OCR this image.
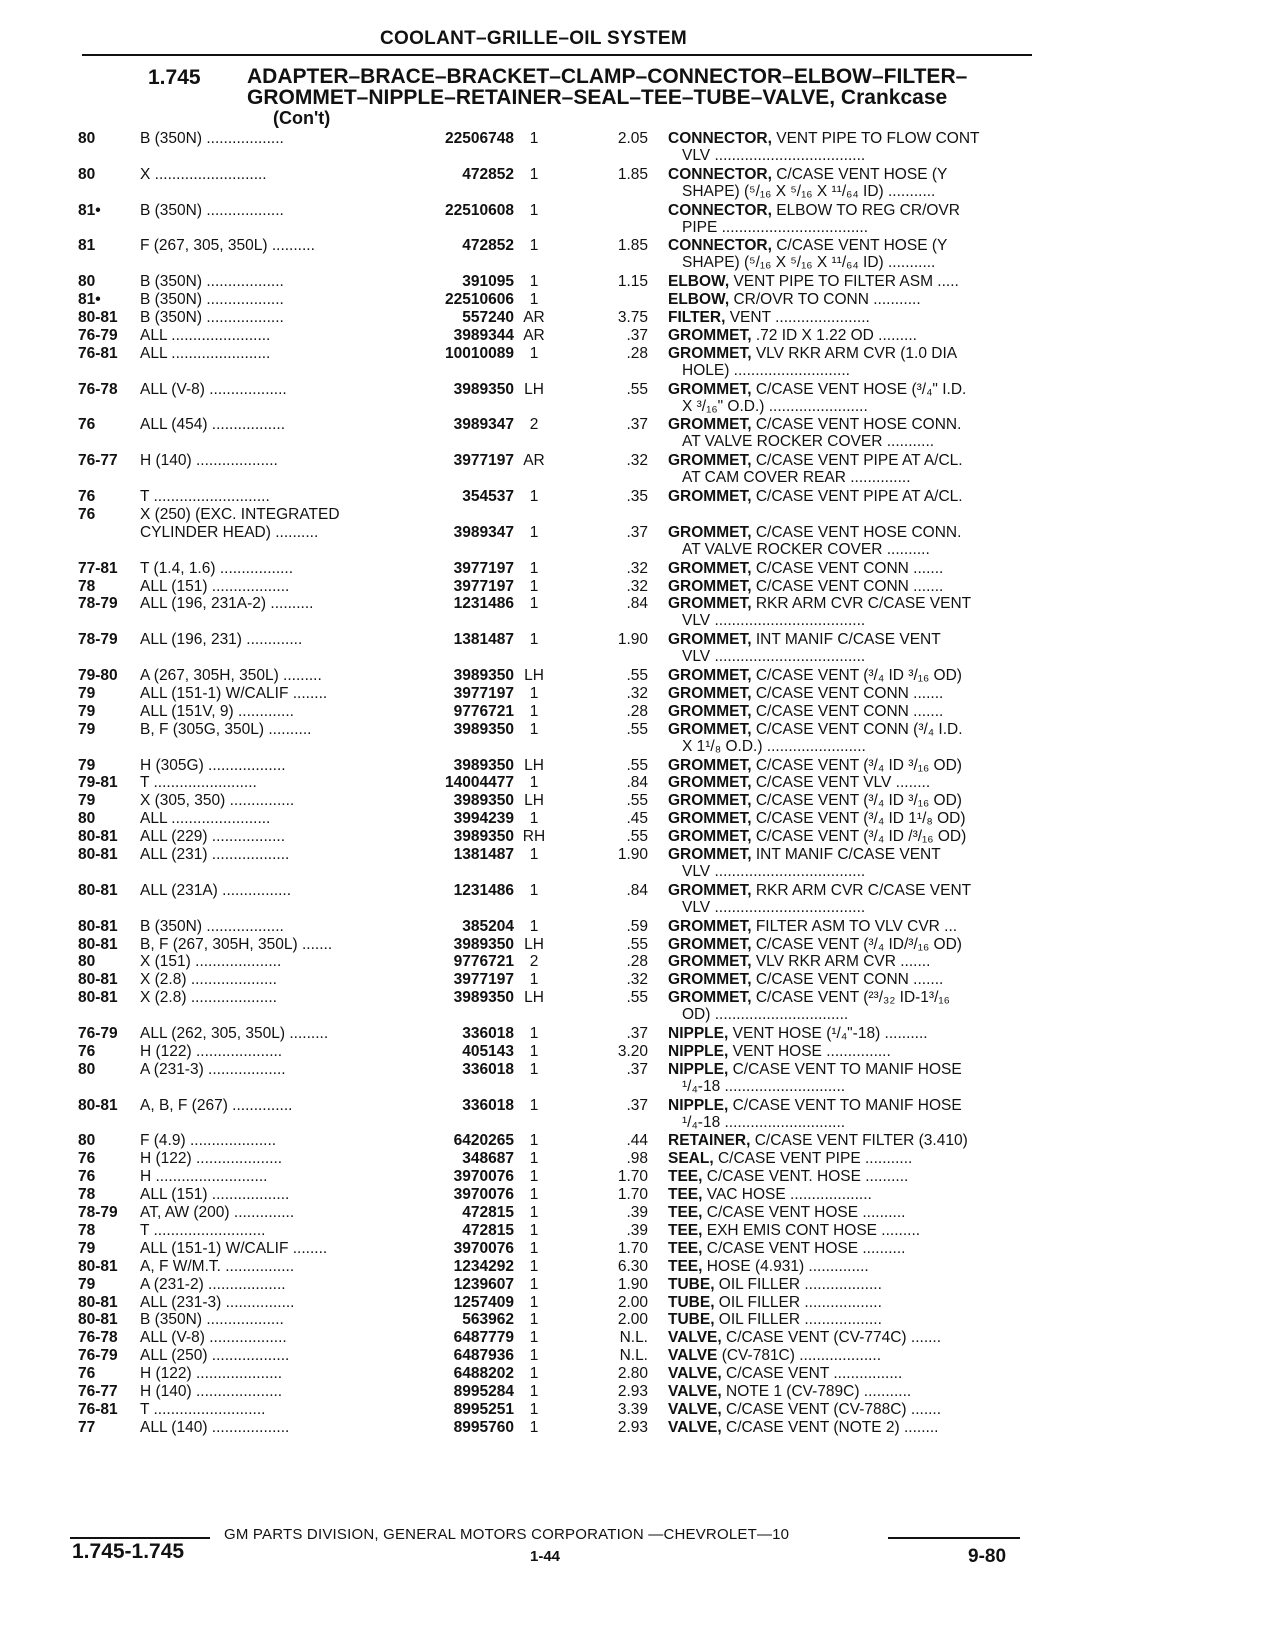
COOLANT–GRILLE–OIL SYSTEM
1.745 ADAPTER–BRACE–BRACKET–CLAMP–CONNECTOR–ELBOW–FILTER–
GROMMET–NIPPLE–RETAINER–SEAL–TEE–TUBE–VALVE, Crankcase
(Con't)
80	B (350N) ..................	22506748	1	2.05 CONNECTOR, VENT PIPE TO FLOW CONT
VLV ...................................
80	X ..........................	472852	1	1.85 CONNECTOR, C/CASE VENT HOSE (Y
SHAPE) (⁵/₁₆ X ⁵/₁₆ X ¹¹/₆₄ ID) ...........
81•	B (350N) ..................	22510608	1	CONNECTOR, ELBOW TO REG CR/OVR
PIPE ..................................
81	F (267, 305, 350L) ..........	472852	1	1.85 CONNECTOR, C/CASE VENT HOSE (Y
SHAPE) (⁵/₁₆ X ⁵/₁₆ X ¹¹/₆₄ ID) ...........
80	B (350N) ..................	391095	1	1.15 ELBOW, VENT PIPE TO FILTER ASM .....
81•	B (350N) ..................	22510606	1	ELBOW, CR/OVR TO CONN ...........
80-81	B (350N) ..................	557240 AR	3.75 FILTER, VENT ......................
76-79	ALL .......................	3989344 AR	.37 GROMMET, .72 ID X 1.22 OD .........
76-81	ALL .......................	10010089	1	.28 GROMMET, VLV RKR ARM CVR (1.0 DIA
HOLE) ...........................
76-78	ALL (V-8) ..................	3989350 LH	.55 GROMMET, C/CASE VENT HOSE (³/₄" I.D.
X ³/₁₆" O.D.) .......................
76	ALL (454) .................	3989347	2	.37 GROMMET, C/CASE VENT HOSE CONN.
AT VALVE ROCKER COVER ...........
76-77	H (140) ...................	3977197 AR	.32 GROMMET, C/CASE VENT PIPE AT A/CL.
AT CAM COVER REAR ..............
76	T ...........................	354537	1	.35 GROMMET, C/CASE VENT PIPE AT A/CL.
76	X (250) (EXC. INTEGRATED
CYLINDER HEAD) ..........	3989347	1	.37 GROMMET, C/CASE VENT HOSE CONN.
AT VALVE ROCKER COVER ..........
77-81	T (1.4, 1.6) .................	3977197	1	.32 GROMMET, C/CASE VENT CONN .......
78	ALL (151) ..................	3977197	1	.32 GROMMET, C/CASE VENT CONN .......
78-79	ALL (196, 231A-2) ..........	1231486	1	.84 GROMMET, RKR ARM CVR C/CASE VENT
VLV ...................................
78-79	ALL (196, 231) .............	1381487	1	1.90 GROMMET, INT MANIF C/CASE VENT
VLV ...................................
79-80	A (267, 305H, 350L) .........	3989350 LH	.55 GROMMET, C/CASE VENT (³/₄ ID ³/₁₆ OD)
79	ALL (151-1) W/CALIF ........	3977197	1	.32 GROMMET, C/CASE VENT CONN .......
79	ALL (151V, 9) .............	9776721	1	.28 GROMMET, C/CASE VENT CONN .......
79	B, F (305G, 350L) ..........	3989350	1	.55 GROMMET, C/CASE VENT CONN (³/₄ I.D.
X 1¹/₈ O.D.) .......................
79	H (305G) ..................	3989350 LH	.55 GROMMET, C/CASE VENT (³/₄ ID ³/₁₆ OD)
79-81	T ........................	14004477	1	.84 GROMMET, C/CASE VENT VLV ........
79	X (305, 350) ...............	3989350 LH	.55 GROMMET, C/CASE VENT (³/₄ ID ³/₁₆ OD)
80	ALL .......................	3994239	1	.45 GROMMET, C/CASE VENT (³/₄ ID 1¹/₈ OD)
80-81	ALL (229) .................	3989350 RH	.55 GROMMET, C/CASE VENT (³/₄ ID /³/₁₆ OD)
80-81	ALL (231) ..................	1381487	1	1.90 GROMMET, INT MANIF C/CASE VENT
VLV ...................................
80-81	ALL (231A) ................	1231486	1	.84 GROMMET, RKR ARM CVR C/CASE VENT
VLV ...................................
80-81	B (350N) ..................	385204	1	.59 GROMMET, FILTER ASM TO VLV CVR ...
80-81	B, F (267, 305H, 350L) .......	3989350 LH	.55 GROMMET, C/CASE VENT (³/₄ ID/³/₁₆ OD)
80	X (151) ....................	9776721	2	.28 GROMMET, VLV RKR ARM CVR .......
80-81	X (2.8) ....................	3977197	1	.32 GROMMET, C/CASE VENT CONN .......
80-81	X (2.8) ....................	3989350 LH	.55 GROMMET, C/CASE VENT (²³/₃₂ ID-1³/₁₆
OD) ...............................
76-79	ALL (262, 305, 350L) .........	336018	1	.37 NIPPLE, VENT HOSE (¹/₄"-18) ..........
76	H (122) ....................	405143	1	3.20 NIPPLE, VENT HOSE ...............
80	A (231-3) ..................	336018	1	.37 NIPPLE, C/CASE VENT TO MANIF HOSE
¹/₄-18 ............................
80-81	A, B, F (267) ..............	336018	1	.37 NIPPLE, C/CASE VENT TO MANIF HOSE
¹/₄-18 ............................
80	F (4.9) ....................	6420265	1	.44 RETAINER, C/CASE VENT FILTER (3.410)
76	H (122) ....................	348687	1	.98 SEAL, C/CASE VENT PIPE ...........
76	H ..........................	3970076	1	1.70 TEE, C/CASE VENT. HOSE ..........
78	ALL (151) ..................	3970076	1	1.70 TEE, VAC HOSE ...................
78-79	AT, AW (200) ..............	472815	1	.39 TEE, C/CASE VENT HOSE ..........
78	T ..........................	472815	1	.39 TEE, EXH EMIS CONT HOSE .........
79	ALL (151-1) W/CALIF ........	3970076	1	1.70 TEE, C/CASE VENT HOSE ..........
80-81	A, F W/M.T. ................	1234292	1	6.30 TEE, HOSE (4.931) ..............
79	A (231-2) ..................	1239607	1	1.90 TUBE, OIL FILLER ..................
80-81	ALL (231-3) ................	1257409	1	2.00 TUBE, OIL FILLER ..................
80-81	B (350N) ..................	563962	1	2.00 TUBE, OIL FILLER ..................
76-78	ALL (V-8) ..................	6487779	1	N.L. VALVE, C/CASE VENT (CV-774C) .......
76-79	ALL (250) ..................	6487936	1	N.L. VALVE (CV-781C) ...................
76	H (122) ....................	6488202	1	2.80 VALVE, C/CASE VENT ................
76-77	H (140) ....................	8995284	1	2.93 VALVE, NOTE 1 (CV-789C) ...........
76-81	T ..........................	8995251	1	3.39 VALVE, C/CASE VENT (CV-788C) .......
77	ALL (140) ..................	8995760	1	2.93 VALVE, C/CASE VENT (NOTE 2) ........
GM PARTS DIVISION, GENERAL MOTORS CORPORATION —CHEVROLET—10
1.745-1.745	1-44	9-80
